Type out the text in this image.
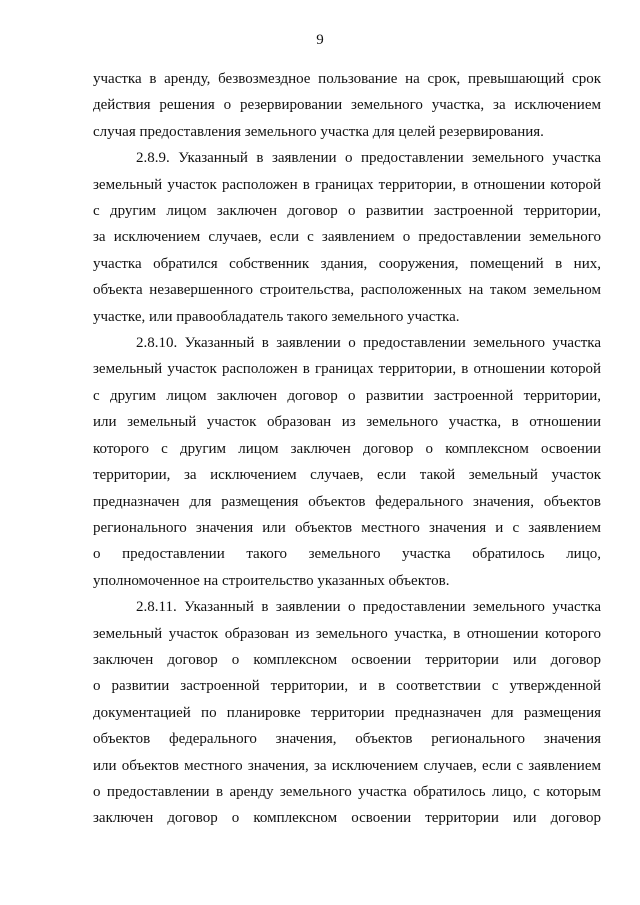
9
участка в аренду, безвозмездное пользование на срок, превышающий срок
действия решения о резервировании земельного участка, за исключением
случая предоставления земельного участка для целей резервирования.
2.8.9. Указанный в заявлении о предоставлении земельного участка
земельный участок расположен в границах территории, в отношении которой
с другим лицом заключен договор о развитии застроенной территории,
за исключением случаев, если с заявлением о предоставлении земельного
участка обратился собственник здания, сооружения, помещений в них,
объекта незавершенного строительства, расположенных на таком земельном
участке, или правообладатель такого земельного участка.
2.8.10. Указанный в заявлении о предоставлении земельного участка
земельный участок расположен в границах территории, в отношении которой
с другим лицом заключен договор о развитии застроенной территории,
или земельный участок образован из земельного участка, в отношении
которого с другим лицом заключен договор о комплексном освоении
территории, за исключением случаев, если такой земельный участок
предназначен для размещения объектов федерального значения, объектов
регионального значения или объектов местного значения и с заявлением
о предоставлении такого земельного участка обратилось лицо,
уполномоченное на строительство указанных объектов.
2.8.11. Указанный в заявлении о предоставлении земельного участка
земельный участок образован из земельного участка, в отношении которого
заключен договор о комплексном освоении территории или договор
о развитии застроенной территории, и в соответствии с утвержденной
документацией по планировке территории предназначен для размещения
объектов федерального значения, объектов регионального значения
или объектов местного значения, за исключением случаев, если с заявлением
о предоставлении в аренду земельного участка обратилось лицо, с которым
заключен договор о комплексном освоении территории или договор
